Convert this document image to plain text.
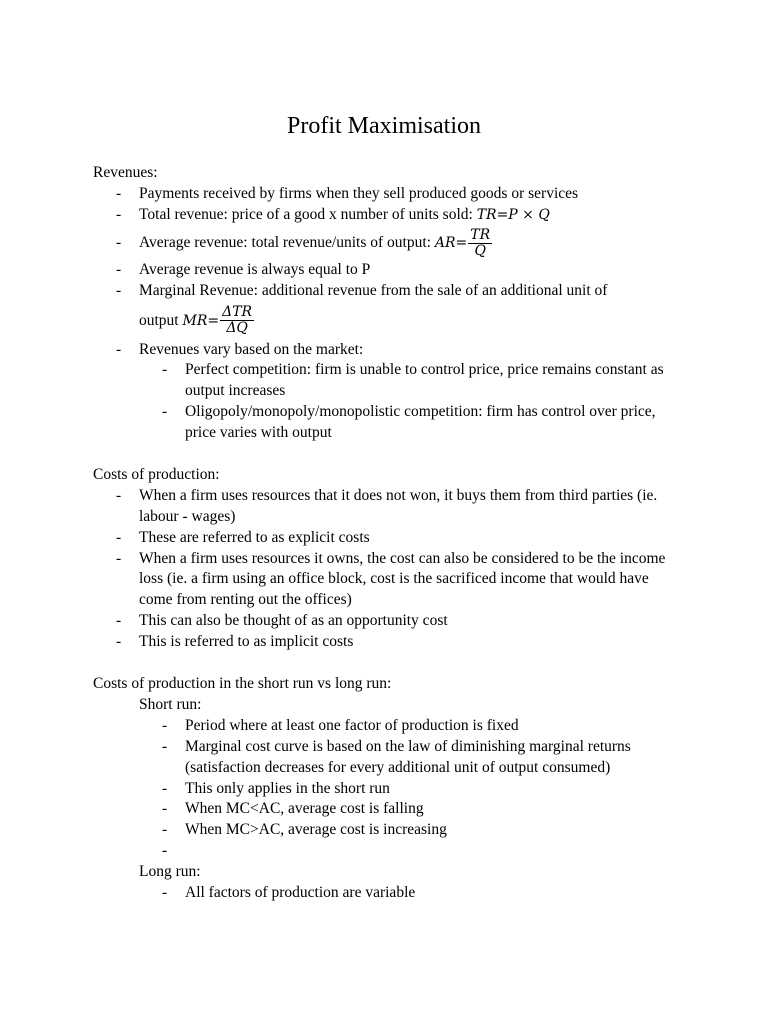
Profit Maximisation
Revenues:
- Payments received by firms when they sell produced goods or services
- Total revenue: price of a good x number of units sold: TR=P × Q
- Average revenue: total revenue/units of output: $AR= \frac{TR}{Q}$
- Average revenue is always equal to P
- Marginal Revenue: additional revenue from the sale of an additional unit of
output $MR= \frac{\text{ΔTR}}{\Delta Q}$
- Revenues vary based on the market:
- Perfect competition: firm is unable to control price, price remains constant as output increases
- Oligopoly/monopoly/monopolistic competition: firm has control over price, price varies with output
Costs of production:
- When a firm uses resources that it does not won, it buys them from third parties (ie. labour - wages)
- These are referred to as explicit costs
- When a firm uses resources it owns, the cost can also be considered to be the income loss (ie. a firm using an office block, cost is the sacrificed income that would have come from renting out the offices)
- This can also be thought of as an opportunity cost
- This is referred to as implicit costs
Costs of production in the short run vs long run:
Short run:
- Period where at least one factor of production is fixed
- Marginal cost curve is based on the law of diminishing marginal returns (satisfaction decreases for every additional unit of output consumed)
- This only applies in the short run
- When MC<AC, average cost is falling
- When MC>AC, average cost is increasing
-
Long run:
- All factors of production are variable
